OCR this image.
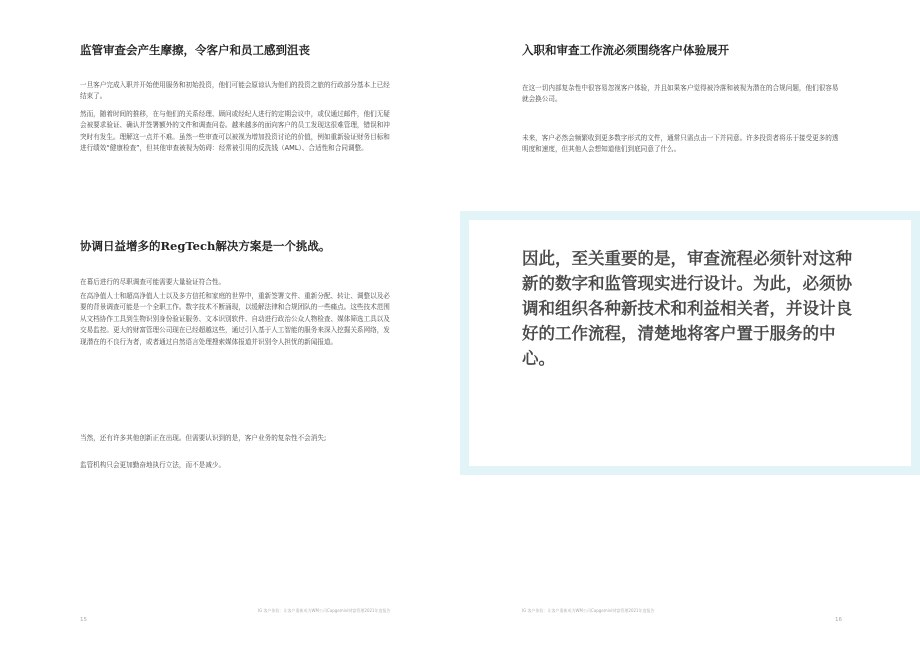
监管审查会产生摩擦，令客户和员工感到沮丧

一旦客户完成入职并开始使用服务和初始投资，他们可能会原谅认为他们的投资之旅的行政部分基本上已经结束了。

然而，随着时间的推移，在与他们的关系经理、顾问或经纪人进行的定期会议中，或仅通过邮件，他们无疑会被要求验证、确认并签署额外的文件和调查问卷。越来越多的面向客户的员工发现这很难管理，错误和冲突时有发生。理解这一点并不难。虽然一些审查可以被视为增加投资讨论的价值，例如重新验证财务目标和进行绩效“健康检查”，但其他审查被视为妨碍：经常被引用的反洗钱（AML）、合适性和合同调整。

协调日益增多的RegTech解决方案是一个挑战。

在幕后进行的尽职调查可能需要大量验证符合性。

在高净值人士和超高净值人士以及多方信托和家庭的世界中，重新签署文件、重新分配、转让、调整以及必要的背景调查可能是一个全职工作。数字技术不断涌现，以缓解法律和合规团队的一些痛点。这些技术范围从文档协作工具到生物识别身份验证服务、文本识别软件、自动进行政治公众人物检查、媒体筛选工具以及交易监控。更大的财富管理公司现在已经超越这些，通过引入基于人工智能的服务来深入挖掘关系网络，发现潜在的不良行为者，或者通过自然语言处理搜索媒体报道并识别令人担忧的新闻报道。

当然，还有许多其他创新正在出现。但需要认识到的是，客户业务的复杂性不会消失;

监管机构只会更加勤奋地执行立法，而不是减少。

IG 客户体验：让客户重新成为WM公司Capgemini财富管理2021年度报告

15
入职和审查工作流必须围绕客户体验展开

在这一切内部复杂性中很容易忽视客户体验，并且如果客户觉得被冷落和被视为潜在的合规问题，他们很容易就会换公司。

未来，客户必然会频繁收到更多数字形式的文件，通常只需点击一下并同意。许多投资者将乐于接受更多的透明度和速度，但其他人会想知道他们到底同意了什么。

因此，至关重要的是，审查流程必须针对这种新的数字和监管现实进行设计。为此，必须协调和组织各种新技术和利益相关者，并设计良好的工作流程，清楚地将客户置于服务的中心。

IG 客户体验：让客户重新成为WM公司Capgemini财富管理2021年度报告

16
